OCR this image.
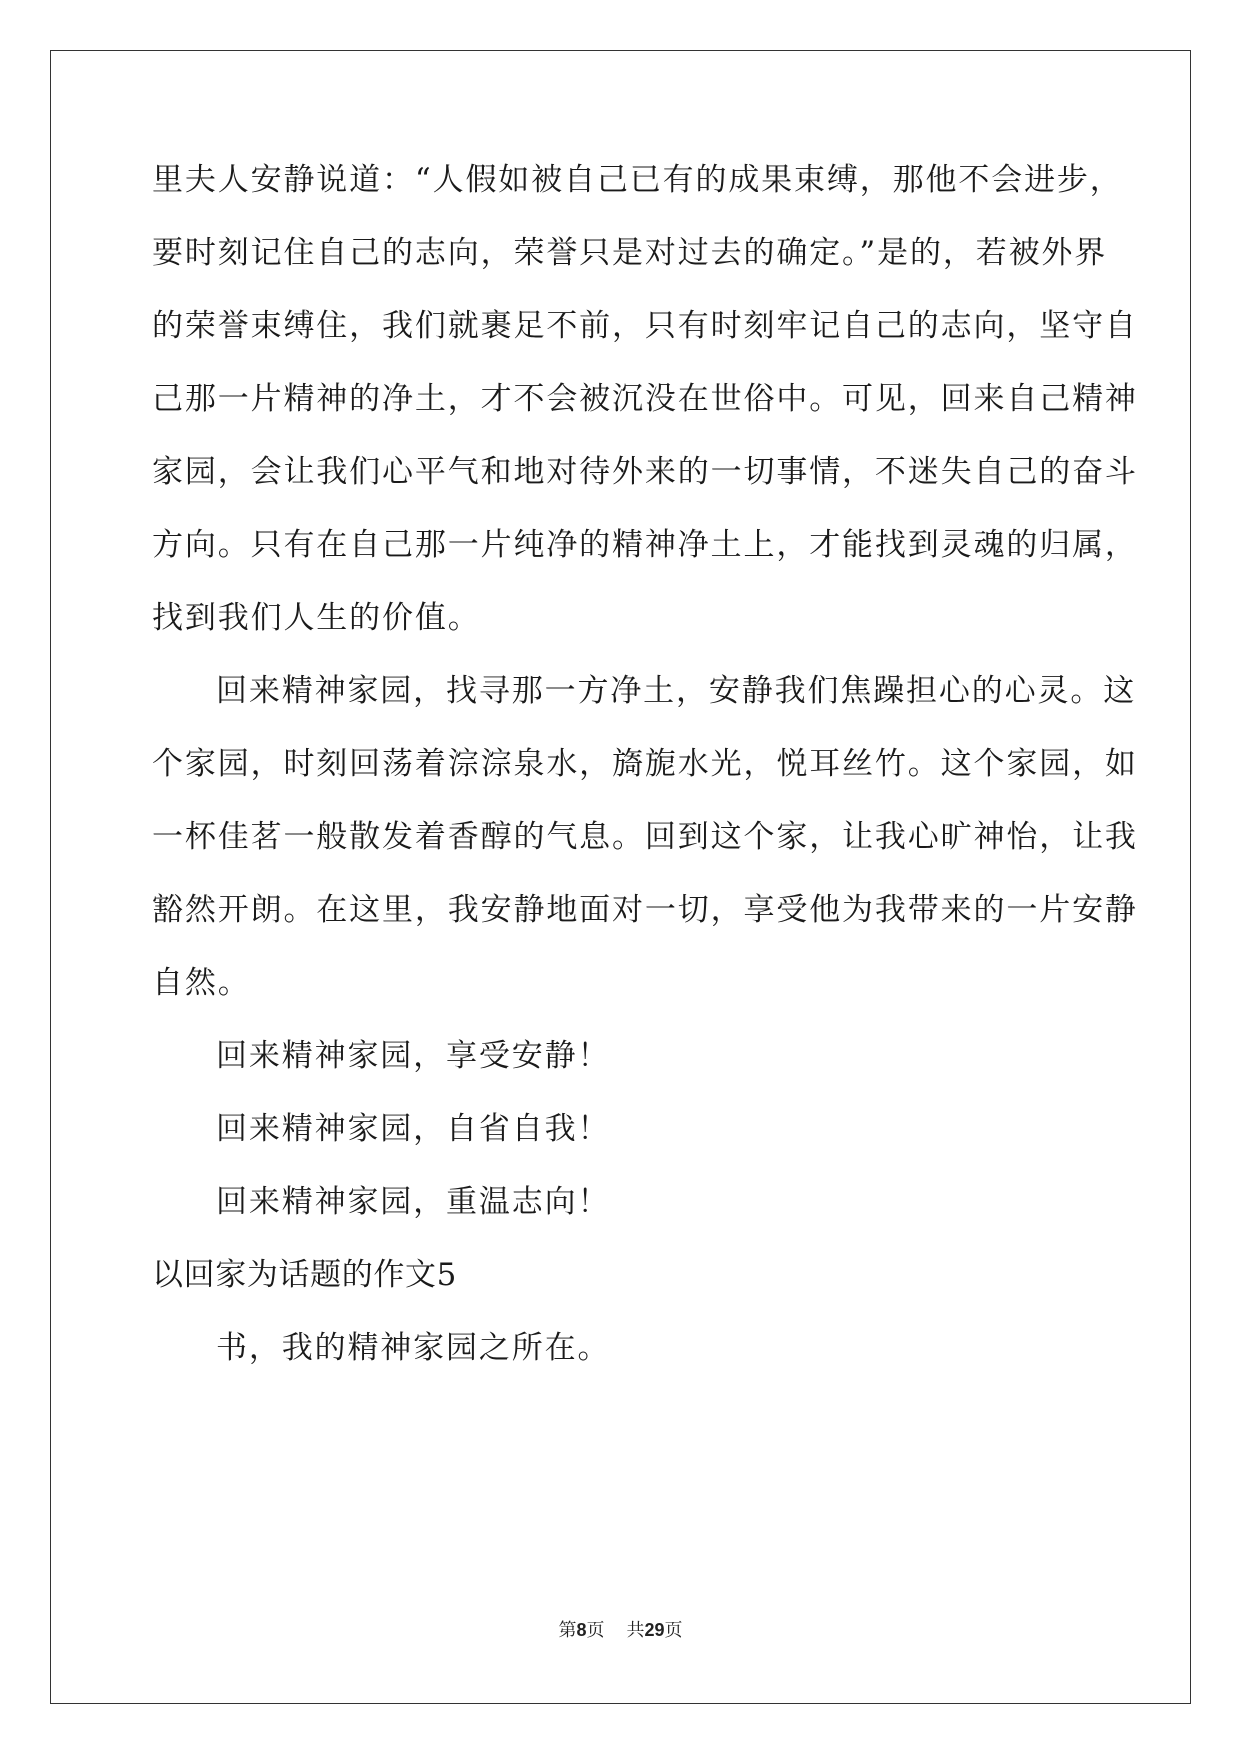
里夫人安静说道：“人假如被自己已有的成果束缚，那他不会进步，
要时刻记住自己的志向，荣誉只是对过去的确定。”是的，若被外界
的荣誉束缚住，我们就裹足不前，只有时刻牢记自己的志向，坚守自
己那一片精神的净土，才不会被沉没在世俗中。可见，回来自己精神
家园，会让我们心平气和地对待外来的一切事情，不迷失自己的奋斗
方向。只有在自己那一片纯净的精神净土上，才能找到灵魂的归属，
找到我们人生的价值。
回来精神家园，找寻那一方净土，安静我们焦躁担心的心灵。这
个家园，时刻回荡着淙淙泉水，旖旎水光，悦耳丝竹。这个家园，如
一杯佳茗一般散发着香醇的气息。回到这个家，让我心旷神怡，让我
豁然开朗。在这里，我安静地面对一切，享受他为我带来的一片安静
自然。
回来精神家园，享受安静！
回来精神家园，自省自我！
回来精神家园，重温志向！
以回家为话题的作文5
书，我的精神家园之所在。
第8页 共29页
